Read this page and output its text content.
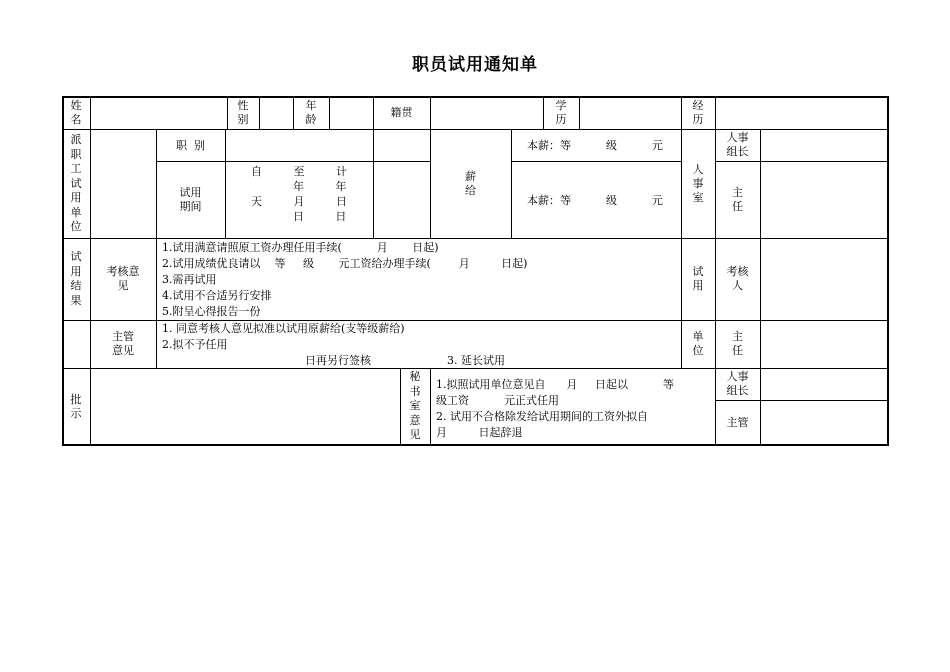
职员试用通知单
姓
名
性
别
年
龄
籍贯
学
历
经
历
派
职
工
试
用
单
位
职  别
试用
期间
自         至         计
年         年
天         月         日
日         日
薪
给
本薪：等          级          元
本薪：等          级          元
人
事
室
人事
组长
主
任
试
用
结
果
考核意
见
1.试用满意请照原工资办理任用手续(          月       日起)
2.试用成绩优良请以    等     级       元工资给办理手续(        月         日起)
3.需再试用
4.试用不合适另行安排
5.附呈心得报告一份
试
用
考核
人
主管
意见
1. 同意考核人意见拟准以试用原薪给(支等级薪给)
2.拟不予任用
日再另行签核	3. 延长试用
单
位
主
任
批
示
秘
书
室
意
见
1.拟照试用单位意见自      月     日起以          等
级工资          元正式任用
2. 试用不合格除发给试用期间的工资外拟自
月         日起辞退
人事
组长
主管
